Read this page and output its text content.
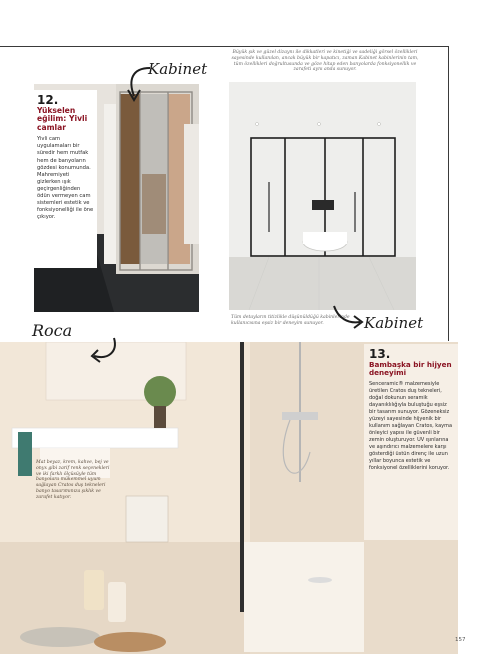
12.
Yükselen eğilim: Yivli camlar
Yivli cam uygulamaları bir süredir hem mutfak hem de banyoların gözdesi konumunda. Mahremiyeti gizlerken ışık geçirgenliğinden ödün vermeyen cam sistemleri estetik ve fonksiyonelliği ile öne çıkıyor.
Kabinet
Büyük şık ve güzel dizaynı ile dikkatleri ve kinetiği ve sadeliği görsel özellikleri sayesinde kullanılan, ancak büyük bir kapatıcı, zaman Kabinet kabinlerinin tam, tüm özellikleri doğrultusunda ve göze hitap eden banyolarda fonksiyonellik ve zarafeti aynı anda sunuyor.
Tüm detayların titizlikle düşünüldüğü kabinlerinde kullanıcısına eşsiz bir deneyim sunuyor.	Kabinet
Roca
Mat beyaz, krem, kahve, bej ve onyx gibi zarif renk seçenekleri ve iki farklı ölçüsüyle tüm banyolara mükemmel uyum sağlayan Cratos duş tekneleri banyo tasarımınıza şıklık ve zarafet katıyor.
13.
Bambaşka bir hijyen deneyimi
Senceramic® malzemesiyle üretilen Cratos duş tekneleri, doğal dokunun seramik dayanıklılığıyla buluştuğu eşsiz bir tasarım sunuyor. Gözeneksiz yüzeyi sayesinde hijyenik bir kullanım sağlayan Cratos, kayma önleyici yapısı ile güvenli bir zemin oluşturuyor. UV ışınlarına ve aşındırıcı malzemelere karşı gösterdiği üstün direnç ile uzun yıllar boyunca estetik ve fonksiyonel özelliklerini koruyor.
157
